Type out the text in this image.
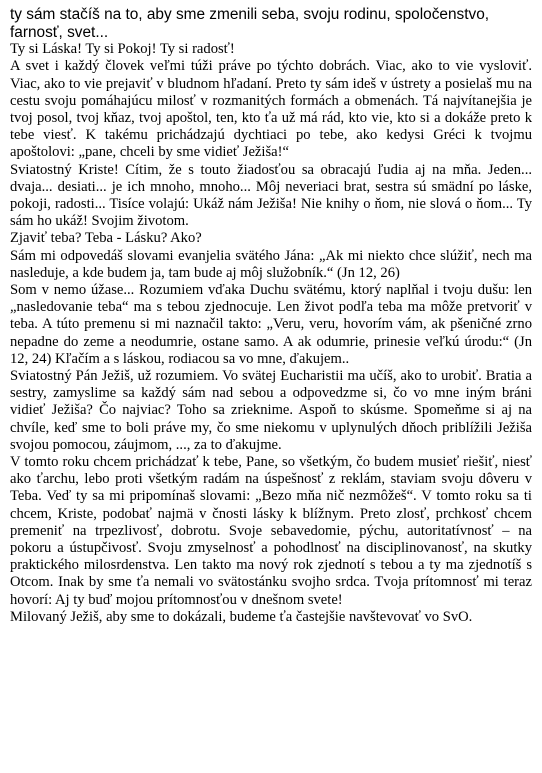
ty sám stačíš na to, aby sme zmenili seba, svoju rodinu, spoločenstvo, farnosť, svet...

Ty si Láska! Ty si Pokoj! Ty si radosť!

A svet i každý človek veľmi túži práve po týchto dobrách. Viac, ako to vie vysloviť. Viac, ako to vie prejaviť v bludnom hľadaní. Preto ty sám ideš v ústrety a posielaš mu na cestu svoju pomáhajúcu milosť v rozmanitých formách a obmenách. Tá najvítanejšia je tvoj posol, tvoj kňaz, tvoj apoštol, ten, kto ťa už má rád, kto vie, kto si a dokáže preto k tebe viesť. K takému prichádzajú dychtiaci po tebe, ako kedysi Gréci k tvojmu apoštolovi: „pane, chceli by sme vidieť Ježiša!“

Sviatostný Kriste! Cítim, že s touto žiadosťou sa obracajú ľudia aj na mňa. Jeden... dvaja... desiati... je ich mnoho, mnoho... Môj neveriaci brat, sestra sú smädní po láske, pokoji, radosti... Tisíce volajú: Ukáž nám Ježiša! Nie knihy o ňom, nie slová o ňom... Ty sám ho ukáž! Svojim životom.

Zjaviť teba? Teba - Lásku? Ako?

Sám mi odpovedáš slovami evanjelia svätého Jána: „Ak mi niekto chce slúžiť, nech ma nasleduje, a kde budem ja, tam bude aj môj služobník.“ (Jn 12, 26)

Som v nemo úžase... Rozumiem vďaka Duchu svätému, ktorý naplňal i tvoju dušu: len „nasledovanie teba“ ma s tebou zjednocuje. Len život podľa teba ma môže pretvoriť v teba. A túto premenu si mi naznačil takto: „Veru, veru, hovorím vám, ak pšeničné zrno nepadne do zeme a neodumrie, ostane samo. A ak odumrie, prinesie veľkú úrodu:“ (Jn 12, 24) Kľačím a s láskou, rodiacou sa vo mne, ďakujem..

Sviatostný Pán Ježiš, už rozumiem. Vo svätej Eucharistii ma učíš, ako to urobiť. Bratia a sestry, zamyslime sa každý sám nad sebou a odpovedzme si, čo vo mne iným bráni vidieť Ježiša? Čo najviac? Toho sa zrieknime. Aspoň to skúsme. Spomeňme si aj na chvíle, keď sme to boli práve my, čo sme niekomu v uplynulých dňoch priblížili Ježiša svojou pomocou, záujmom, ..., za to ďakujme.

V tomto roku chcem prichádzať k tebe, Pane, so všetkým, čo budem musieť riešiť, niesť ako ťarchu, lebo proti všetkým radám na úspešnosť z reklám, staviam svoju dôveru v Teba. Veď ty sa mi pripomínaš slovami: „Bezo mňa nič nezmôžeš“. V tomto roku sa ti chcem, Kriste, podobať najmä v čnosti lásky k blížnym. Preto zlosť, prchkosť chcem premeniť na trpezlivosť, dobrotu. Svoje sebavedomie, pýchu, autoritatívnosť – na pokoru a ústupčivosť. Svoju zmyselnosť a pohodlnosť na disciplinovanosť, na skutky praktického milosrdenstva. Len takto ma nový rok zjednotí s tebou a ty ma zjednotíš s Otcom. Inak by sme ťa nemali vo svätostánku svojho srdca. Tvoja prítomnosť mi teraz hovorí: Aj ty buď mojou prítomnosťou v dnešnom svete!

Milovaný Ježiš, aby sme to dokázali, budeme ťa častejšie navštevovať vo SvO.
